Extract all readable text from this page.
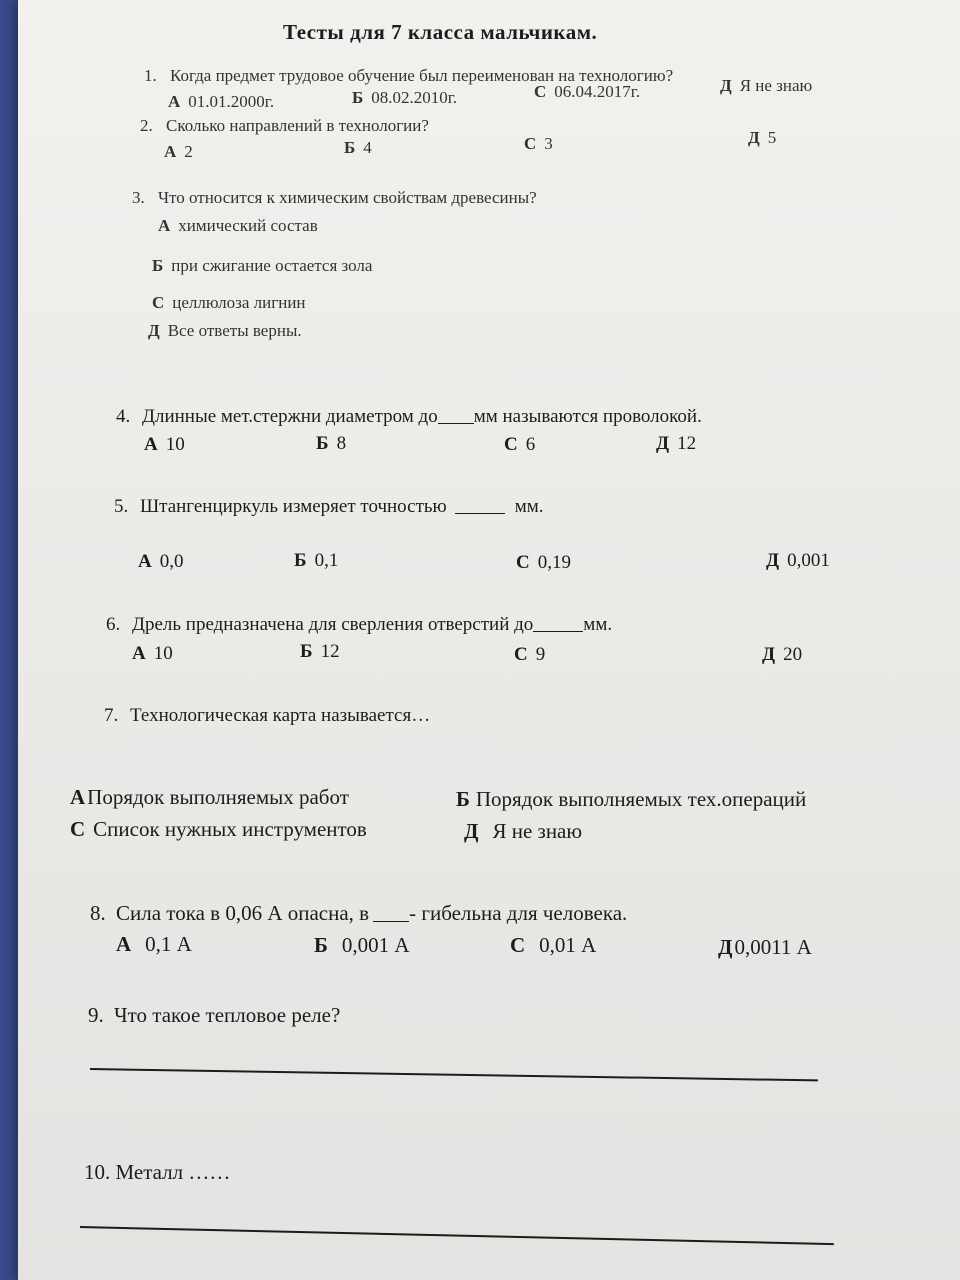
Тесты для 7 класса мальчикам.
1. Когда предмет трудовое обучение был переименован на технологию?
А 01.01.2000г.	Б 08.02.2010г.	С 06.04.2017г.	Д Я не знаю
2. Сколько направлений в технологии?
А 2	Б 4	С 3	Д 5
3. Что относится к химическим свойствам древесины?
А химический состав
Б при сжигание остается зола
С целлюлоза лигнин
Д Все ответы верны.
4. Длинные мет.стержни диаметром до мм называются проволокой.
А 10	Б 8	С 6	Д 12
5. Штангенциркуль измеряет точностью	мм.
А 0,0	Б 0,1	С 0,19	Д 0,001
6. Дрель предназначена для сверления отверстий до	мм.
А 10	Б 12	С 9	Д 20
7. Технологическая карта называется…
АПорядок выполняемых работ	Б Порядок выполняемых тех.операций
С Список нужных инструментов	Д Я не знаю
8. Сила тока в 0,06 А опасна, в - гибельна для человека.
А 0,1 А	Б 0,001 А	С 0,01 А	Д0,0011 А
9. Что такое тепловое реле?
10. Металл ……
